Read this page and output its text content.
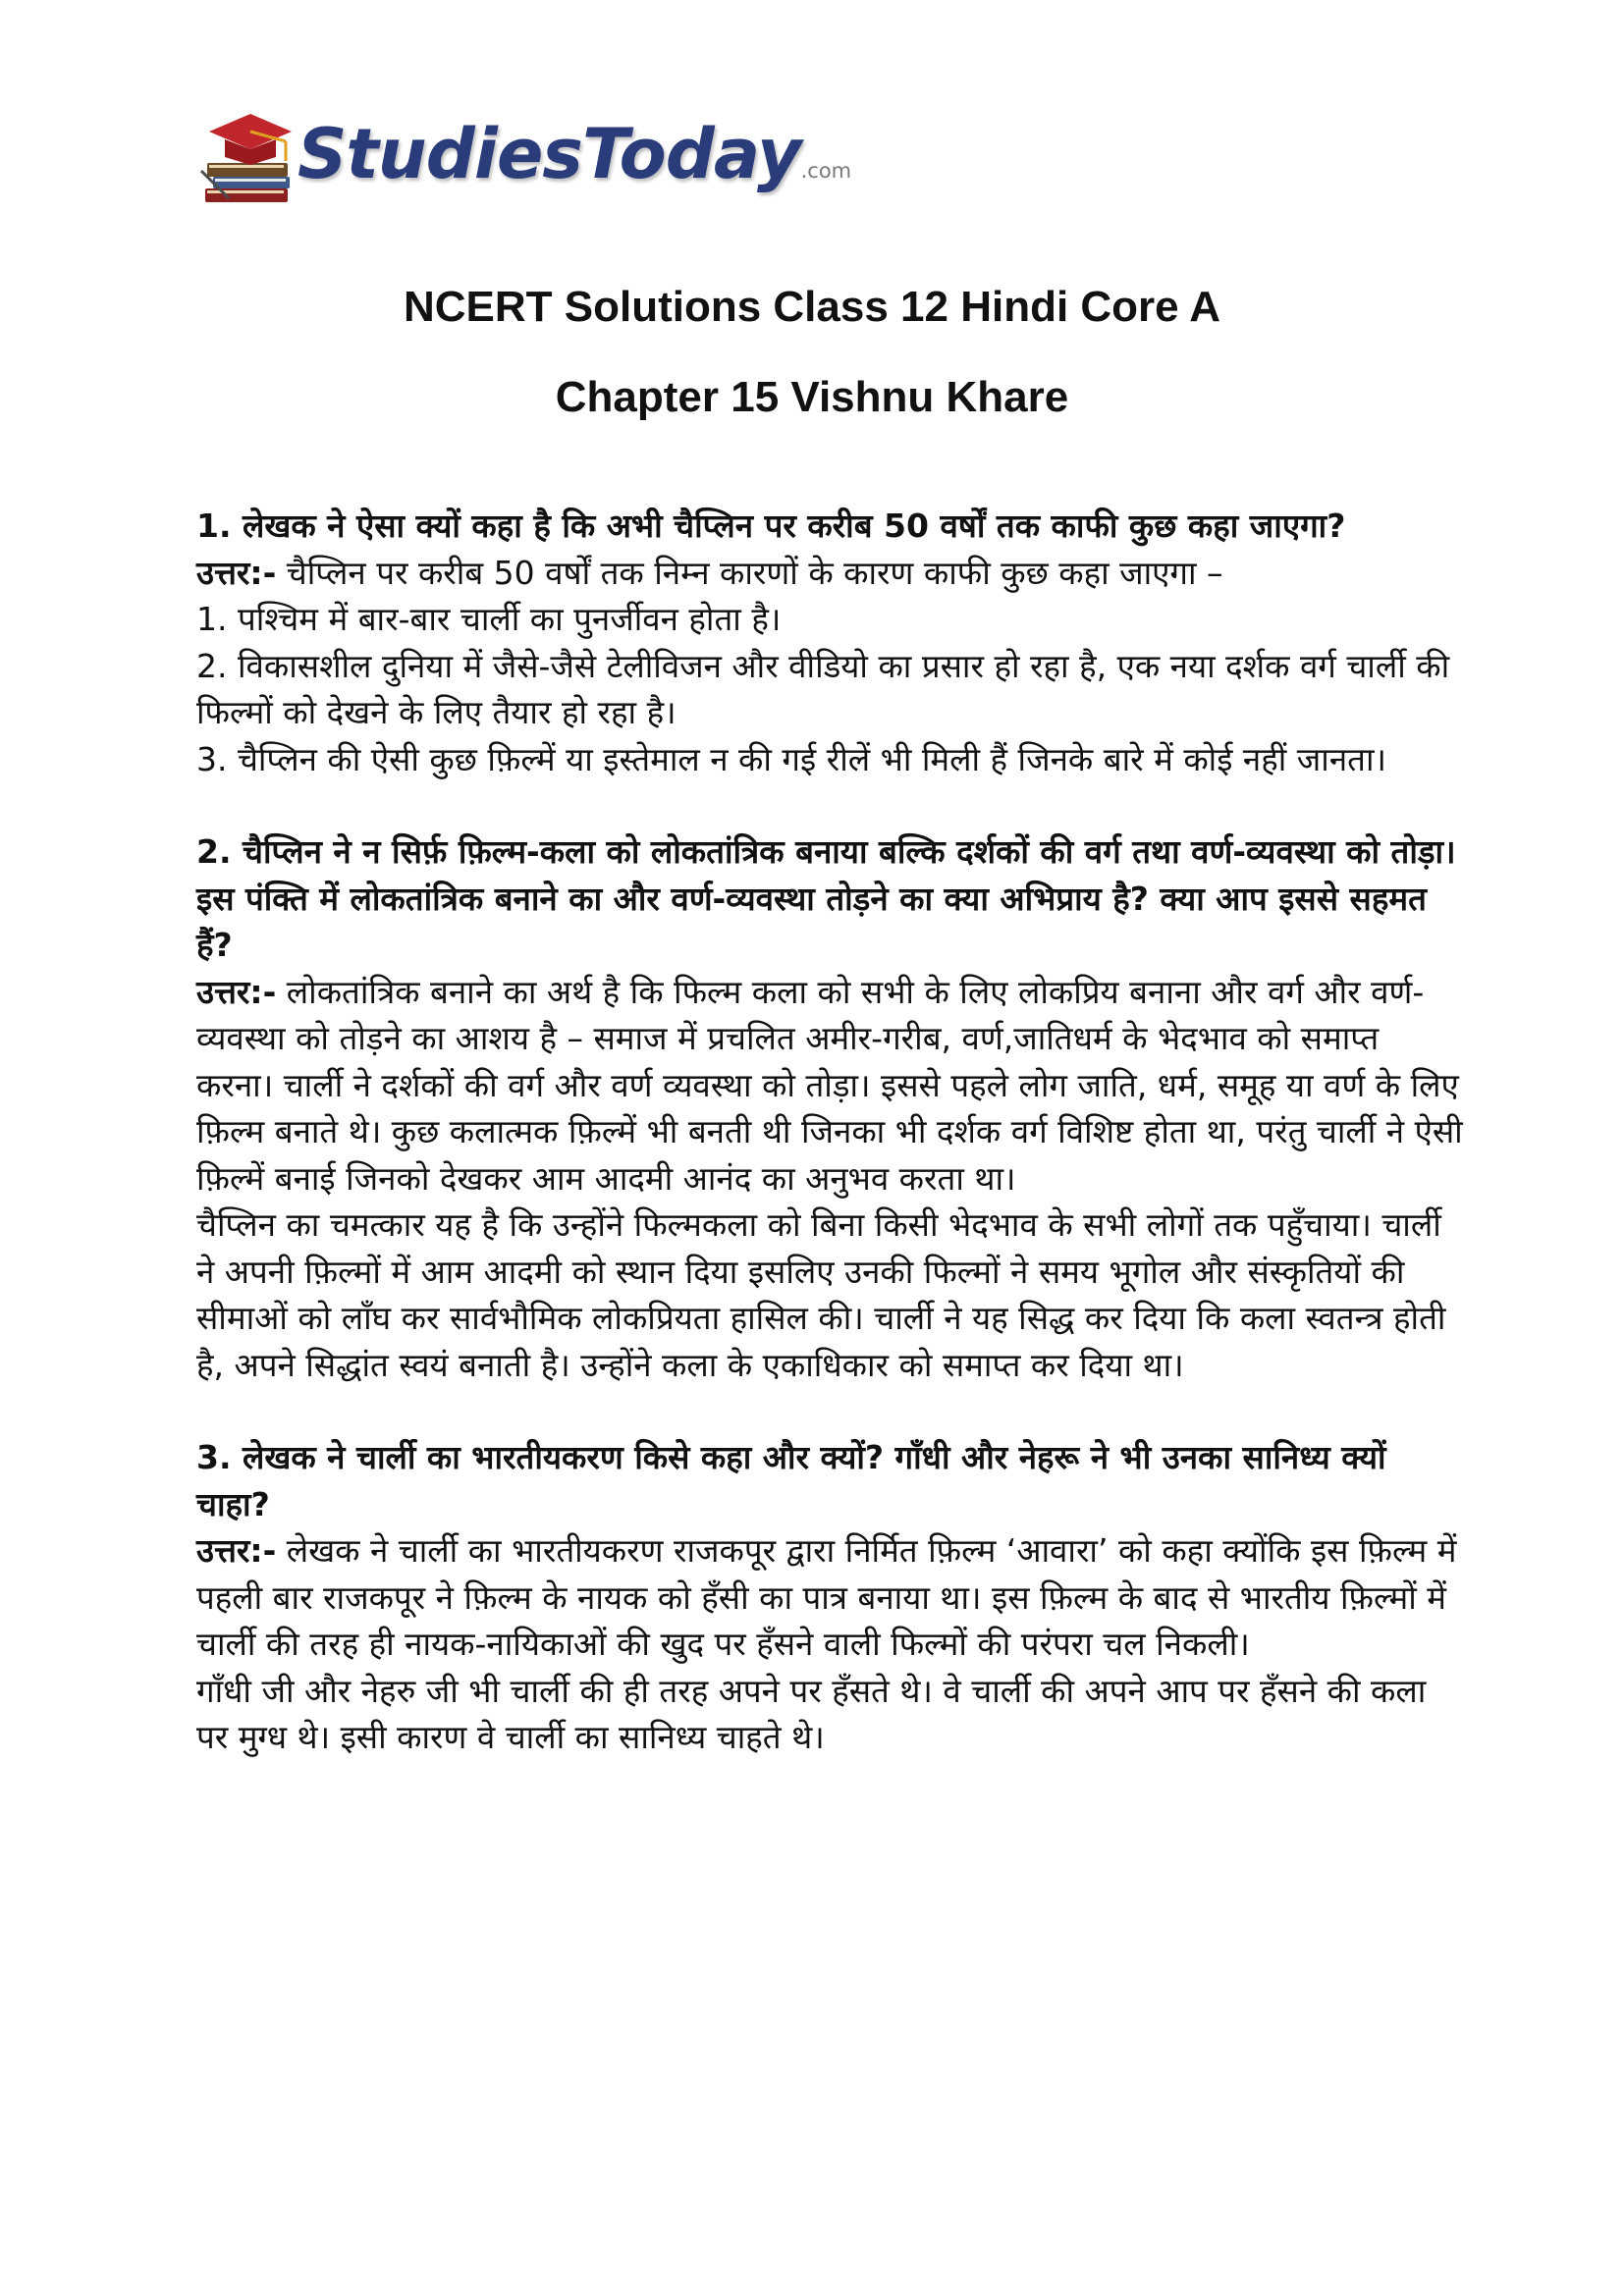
StudiesToday.com
NCERT Solutions Class 12 Hindi Core A
Chapter 15 Vishnu Khare

1. लेखक ने ऐसा क्यों कहा है कि अभी चैप्लिन पर करीब 50 वर्षों तक काफी कुछ कहा जाएगा?

उत्तर:- चैप्लिन पर करीब 50 वर्षों तक निम्न कारणों के कारण काफी कुछ कहा जाएगा –

1. पश्चिम में बार-बार चार्ली का पुनर्जीवन होता है।

2. विकासशील दुनिया में जैसे-जैसे टेलीविजन और वीडियो का प्रसार हो रहा है, एक नया दर्शक वर्ग चार्ली की फिल्मों को देखने के लिए तैयार हो रहा है।

3. चैप्लिन की ऐसी कुछ फ़िल्में या इस्तेमाल न की गई रीलें भी मिली हैं जिनके बारे में कोई नहीं जानता।

2. चैप्लिन ने न सिर्फ़ फ़िल्म-कला को लोकतांत्रिक बनाया बल्कि दर्शकों की वर्ग तथा वर्ण-व्यवस्था को तोड़ा। इस पंक्ति में लोकतांत्रिक बनाने का और वर्ण-व्यवस्था तोड़ने का क्या अभिप्राय है? क्या आप इससे सहमत हैं?

उत्तर:- लोकतांत्रिक बनाने का अर्थ है कि फिल्म कला को सभी के लिए लोकप्रिय बनाना और वर्ग और वर्ण-व्यवस्था को तोड़ने का आशय है – समाज में प्रचलित अमीर-गरीब, वर्ण,जातिधर्म के भेदभाव को समाप्त करना। चार्ली ने दर्शकों की वर्ग और वर्ण व्यवस्था को तोड़ा। इससे पहले लोग जाति, धर्म, समूह या वर्ण के लिए फ़िल्म बनाते थे। कुछ कलात्मक फ़िल्में भी बनती थी जिनका भी दर्शक वर्ग विशिष्ट होता था, परंतु चार्ली ने ऐसी फ़िल्में बनाई जिनको देखकर आम आदमी आनंद का अनुभव करता था।

चैप्लिन का चमत्कार यह है कि उन्होंने फिल्मकला को बिना किसी भेदभाव के सभी लोगों तक पहुँचाया। चार्ली ने अपनी फ़िल्मों में आम आदमी को स्थान दिया इसलिए उनकी फिल्मों ने समय भूगोल और संस्कृतियों की सीमाओं को लाँघ कर सार्वभौमिक लोकप्रियता हासिल की। चार्ली ने यह सिद्ध कर दिया कि कला स्वतन्त्र होती है, अपने सिद्धांत स्वयं बनाती है। उन्होंने कला के एकाधिकार को समाप्त कर दिया था।

3. लेखक ने चार्ली का भारतीयकरण किसे कहा और क्यों? गाँधी और नेहरू ने भी उनका सानिध्य क्यों चाहा?

उत्तर:- लेखक ने चार्ली का भारतीयकरण राजकपूर द्वारा निर्मित फ़िल्म ‘आवारा’ को कहा क्योंकि इस फ़िल्म में पहली बार राजकपूर ने फ़िल्म के नायक को हँसी का पात्र बनाया था। इस फ़िल्म के बाद से भारतीय फ़िल्मों में चार्ली की तरह ही नायक-नायिकाओं की खुद पर हँसने वाली फिल्मों की परंपरा चल निकली।

गाँधी जी और नेहरु जी भी चार्ली की ही तरह अपने पर हँसते थे। वे चार्ली की अपने आप पर हँसने की कला पर मुग्ध थे। इसी कारण वे चार्ली का सानिध्य चाहते थे।
